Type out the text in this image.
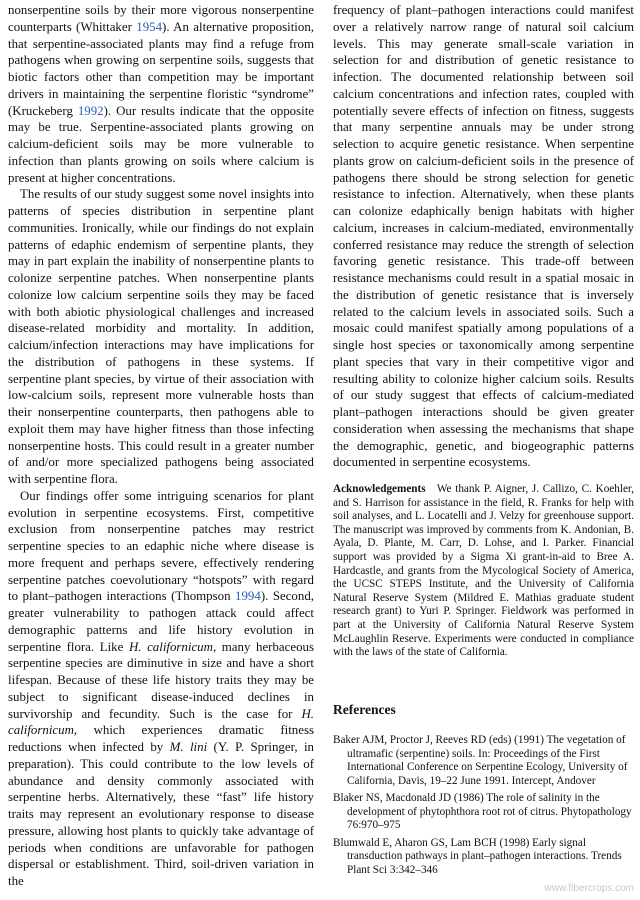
nonserpentine soils by their more vigorous nonserpentine counterparts (Whittaker 1954). An alternative proposition, that serpentine-associated plants may find a refuge from pathogens when growing on serpentine soils, suggests that biotic factors other than competition may be important drivers in maintaining the serpentine floristic “syndrome” (Kruckeberg 1992). Our results indicate that the opposite may be true. Serpentine-associated plants growing on calcium-deficient soils may be more vulnerable to infection than plants growing on soils where calcium is present at higher concentrations.

The results of our study suggest some novel insights into patterns of species distribution in serpentine plant communities. Ironically, while our findings do not explain patterns of edaphic endemism of serpentine plants, they may in part explain the inability of nonserpentine plants to colonize serpentine patches. When nonserpentine plants colonize low calcium serpentine soils they may be faced with both abiotic physiological challenges and increased disease-related morbidity and mortality. In addition, calcium/infection interactions may have implications for the distribution of pathogens in these systems. If serpentine plant species, by virtue of their association with low-calcium soils, represent more vulnerable hosts than their nonserpentine counterparts, then pathogens able to exploit them may have higher fitness than those infecting nonserpentine hosts. This could result in a greater number of and/or more specialized pathogens being associated with serpentine flora.

Our findings offer some intriguing scenarios for plant evolution in serpentine ecosystems. First, competitive exclusion from nonserpentine patches may restrict serpentine species to an edaphic niche where disease is more frequent and perhaps severe, effectively rendering serpentine patches coevolutionary “hotspots” with regard to plant–pathogen interactions (Thompson 1994). Second, greater vulnerability to pathogen attack could affect demographic patterns and life history evolution in serpentine flora. Like H. californicum, many herbaceous serpentine species are diminutive in size and have a short lifespan. Because of these life history traits they may be subject to significant disease-induced declines in survivorship and fecundity. Such is the case for H. californicum, which experiences dramatic fitness reductions when infected by M. lini (Y. P. Springer, in preparation). This could contribute to the low levels of abundance and density commonly associated with serpentine herbs. Alternatively, these “fast” life history traits may represent an evolutionary response to disease pressure, allowing host plants to quickly take advantage of periods when conditions are unfavorable for pathogen dispersal or establishment. Third, soil-driven variation in the

frequency of plant–pathogen interactions could manifest over a relatively narrow range of natural soil calcium levels. This may generate small-scale variation in selection for and distribution of genetic resistance to infection. The documented relationship between soil calcium concentrations and infection rates, coupled with potentially severe effects of infection on fitness, suggests that many serpentine annuals may be under strong selection to acquire genetic resistance. When serpentine plants grow on calcium-deficient soils in the presence of pathogens there should be strong selection for genetic resistance to infection. Alternatively, when these plants can colonize edaphically benign habitats with higher calcium, increases in calcium-mediated, environmentally conferred resistance may reduce the strength of selection favoring genetic resistance. This trade-off between resistance mechanisms could result in a spatial mosaic in the distribution of genetic resistance that is inversely related to the calcium levels in associated soils. Such a mosaic could manifest spatially among populations of a single host species or taxonomically among serpentine plant species that vary in their competitive vigor and resulting ability to colonize higher calcium soils. Results of our study suggest that effects of calcium-mediated plant–pathogen interactions should be given greater consideration when assessing the mechanisms that shape the demographic, genetic, and biogeographic patterns documented in serpentine ecosystems.

Acknowledgements We thank P. Aigner, J. Callizo, C. Koehler, and S. Harrison for assistance in the field, R. Franks for help with soil analyses, and L. Locatelli and J. Velzy for greenhouse support. The manuscript was improved by comments from K. Andonian, B. Ayala, D. Plante, M. Carr, D. Lohse, and I. Parker. Financial support was provided by a Sigma Xi grant-in-aid to Bree A. Hardcastle, and grants from the Mycological Society of America, the UCSC STEPS Institute, and the University of California Natural Reserve System (Mildred E. Mathias graduate student research grant) to Yuri P. Springer. Fieldwork was performed in part at the University of California Natural Reserve System McLaughlin Reserve. Experiments were conducted in compliance with the laws of the state of California.

References

Baker AJM, Proctor J, Reeves RD (eds) (1991) The vegetation of ultramafic (serpentine) soils. In: Proceedings of the First International Conference on Serpentine Ecology, University of California, Davis, 19–22 June 1991. Intercept, Andover

Blaker NS, Macdonald JD (1986) The role of salinity in the development of phytophthora root rot of citrus. Phytopathology 76:970–975

Blumwald E, Aharon GS, Lam BCH (1998) Early signal transduction pathways in plant–pathogen interactions. Trends Plant Sci 3:342–346

www.fibercrops.com
